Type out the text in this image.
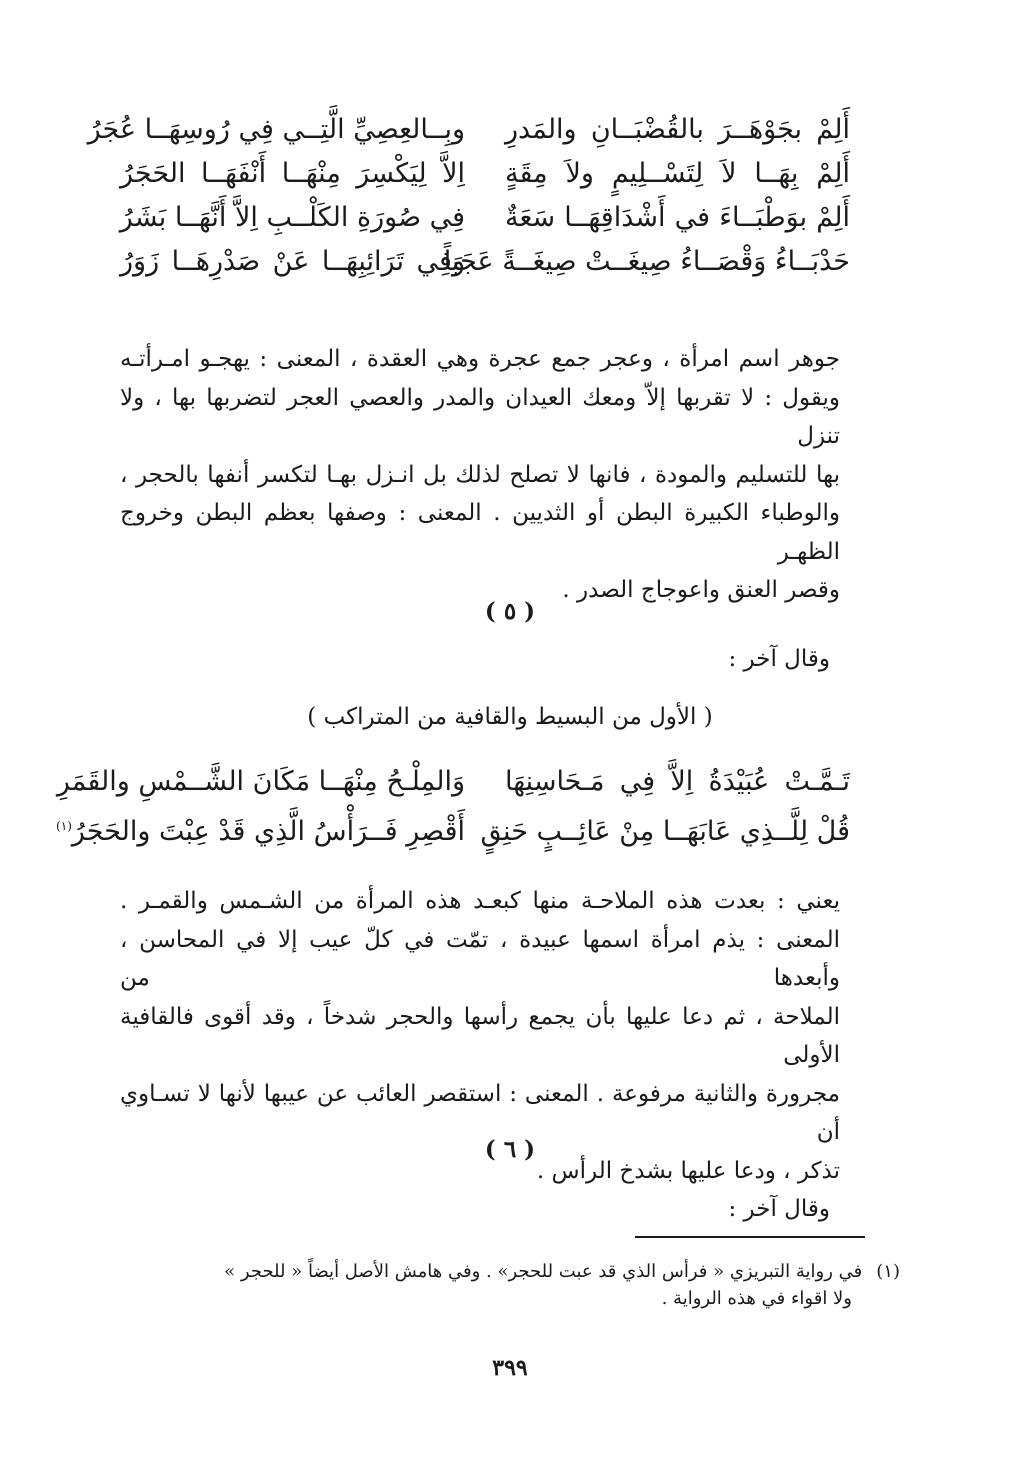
أَلِمْ بجَوْهَــرَ بالقُضْبَــانِ والمَدرِ
وبِــالعِصِيِّ الَّتِــي فِي رُوسِهَــا عُجَرُ
أَلِمْ بِهَــا لاَ لِتَسْــلِيمٍ ولاَ مِقَةٍ
اِلاَّ لِيَكْسِرَ مِنْهَــا أَنْفَهَــا الحَجَرُ
أَلِمْ بوَطْبَــاءَ في أَشْدَاقِهَــا سَعَةٌ
فِي صُورَةِ الكَلْــبِ اِلاَّ أَنَّهَــا بَشَرُ
حَدْبَــاءُ وَقْصَــاءُ صِيغَــتْ صِيغَــةً عَجَباً
وَفِي تَرَائِبِهَــا عَنْ صَدْرِهَــا زَوَرُ

جوهر اسم امرأة ، وعجر جمع عجرة وهي العقدة ، المعنى : يهجـو امـرأتـه
ويقول : لا تقربها إلاّ ومعك العيدان والمدر والعصي العجر لتضربها بها ، ولا تنزل
بها للتسليم والمودة ، فانها لا تصلح لذلك بل انـزل بهـا لتكسر أنفها بالحجر ،
والوطباء الكبيرة البطن أو الثديين . المعنى : وصفها بعظم البطن وخروج الظهـر
وقصر العنق واعوجاج الصدر .

( ٥ )

وقال آخر :

( الأول من البسيط والقافية من المتراكب )

تَـمَّـتْ عُبَيْدَةُ اِلاَّ فِي مَـحَاسِنِهَا
وَالمِلْـحُ مِنْهَــا مَكَانَ الشَّــمْسِ والقَمَرِ
قُلْ لِلَّــذِي عَابَهَــا مِنْ عَائِــبٍ حَنِقٍ
أَقْصِرِ فَــرَأْسُ الَّذِي قَدْ عِبْتَ والحَجَرُ$^{(١)}$

يعني : بعدت هذه الملاحـة منها كبعـد هذه المرأة من الشـمس والقمـر .
المعنى : يذم امرأة اسمها عبيدة ، تمّت في كلّ عيب إلا في المحاسن ، وأبعدها من
الملاحة ، ثم دعا عليها بأن يجمع رأسها والحجر شدخاً ، وقد أقوى فالقافية الأولى
مجرورة والثانية مرفوعة . المعنى : استقصر العائب عن عيبها لأنها لا تسـاوي أن
تذكر ، ودعا عليها بشدخ الرأس .

( ٦ )

وقال آخر :

(١)في رواية التبريزي « فرأس الذي قد عبت للحجر» . وفي هامش الأصل أيضاً « للحجر »
ولا اقواء في هذه الرواية .

٣٩٩
